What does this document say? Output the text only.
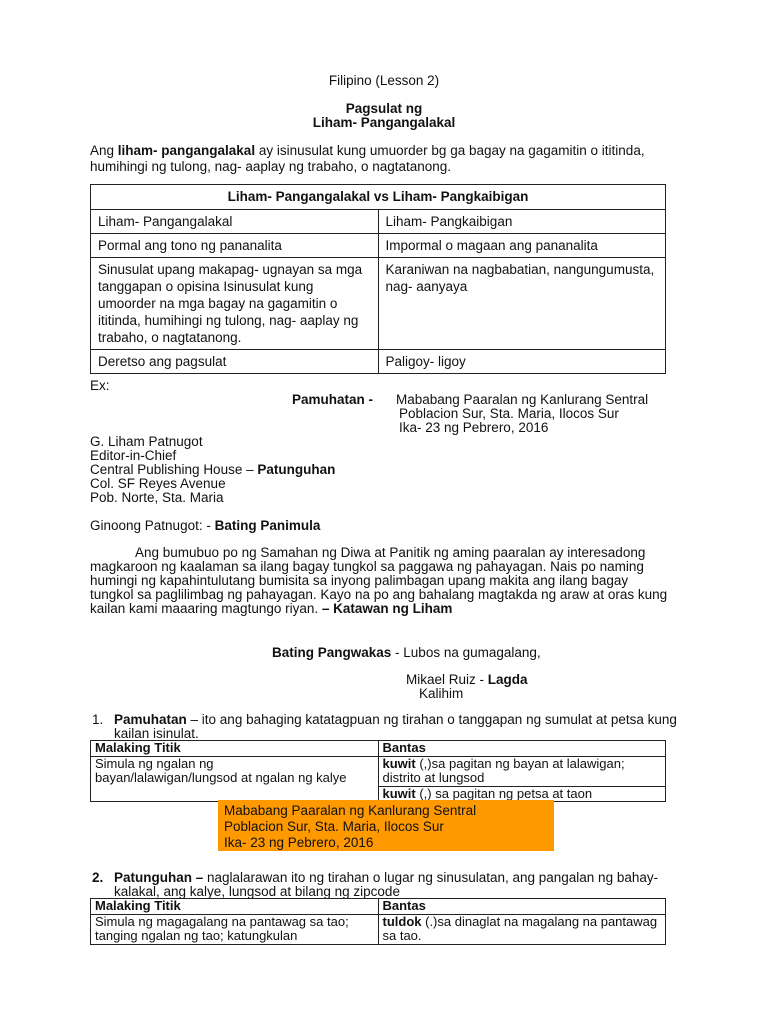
Filipino (Lesson 2)
Pagsulat ng
Liham- Pangangalakal
Ang liham- pangangalakal ay isinusulat kung umuorder bg ga bagay na gagamitin o ititinda, humihingi ng tulong, nag- aaplay ng trabaho, o nagtatanong.
Liham- Pangangalakal vs Liham- Pangkaibigan	
Liham- Pangangalakal	Liham- Pangkaibigan
Pormal ang tono ng pananalita	Impormal o magaan ang pananalita
Sinusulat upang makapag- ugnayan sa mga tanggapan o opisina Isinusulat kung umoorder na mga bagay na gagamitin o ititinda, humihingi ng tulong, nag- aaplay ng trabaho, o nagtatanong.	Karaniwan na nagbabatian, nangungumusta, nag- aanyaya
Deretso ang pagsulat	Paligoy- ligoy
Ex:
Pamuhatan - Mababang Paaralan ng Kanlurang Sentral
Poblacion Sur, Sta. Maria, Ilocos Sur
Ika- 23 ng Pebrero, 2016
G. Liham Patnugot
Editor-in-Chief
Central Publishing House – Patunguhan
Col. SF Reyes Avenue
Pob. Norte, Sta. Maria
Ginoong Patnugot: - Bating Panimula
Ang bumubuo po ng Samahan ng Diwa at Panitik ng aming paaralan ay interesadong magkaroon ng kaalaman sa ilang bagay tungkol sa paggawa ng pahayagan. Nais po naming humingi ng kapahintulutang bumisita sa inyong palimbagan upang makita ang ilang bagay tungkol sa paglilimbag ng pahayagan. Kayo na po ang bahalang magtakda ng araw at oras kung kailan kami maaaring magtungo riyan. – Katawan ng Liham
Bating Pangwakas - Lubos na gumagalang,
Mikael Ruiz - Lagda
Kalihim
1. Pamuhatan – ito ang bahaging katatagpuan ng tirahan o tanggapan ng sumulat at petsa kung kailan isinulat.
Malaking Titik	Bantas
Simula ng ngalan ng bayan/lalawigan/lungsod at ngalan ng kalye	kuwit (,)sa pagitan ng bayan at lalawigan; distrito at lungsod
	kuwit (,) sa pagitan ng petsa at taon
Mababang Paaralan ng Kanlurang Sentral
Poblacion Sur, Sta. Maria, Ilocos Sur
Ika- 23 ng Pebrero, 2016
2. Patunguhan – naglalarawan ito ng tirahan o lugar ng sinusulatan, ang pangalan ng bahay- kalakal, ang kalye, lungsod at bilang ng zipcode
Malaking Titik	Bantas
Simula ng magagalang na pantawag sa tao; tanging ngalan ng tao; katungkulan	tuldok (.)sa dinaglat na magalang na pantawag sa tao.
